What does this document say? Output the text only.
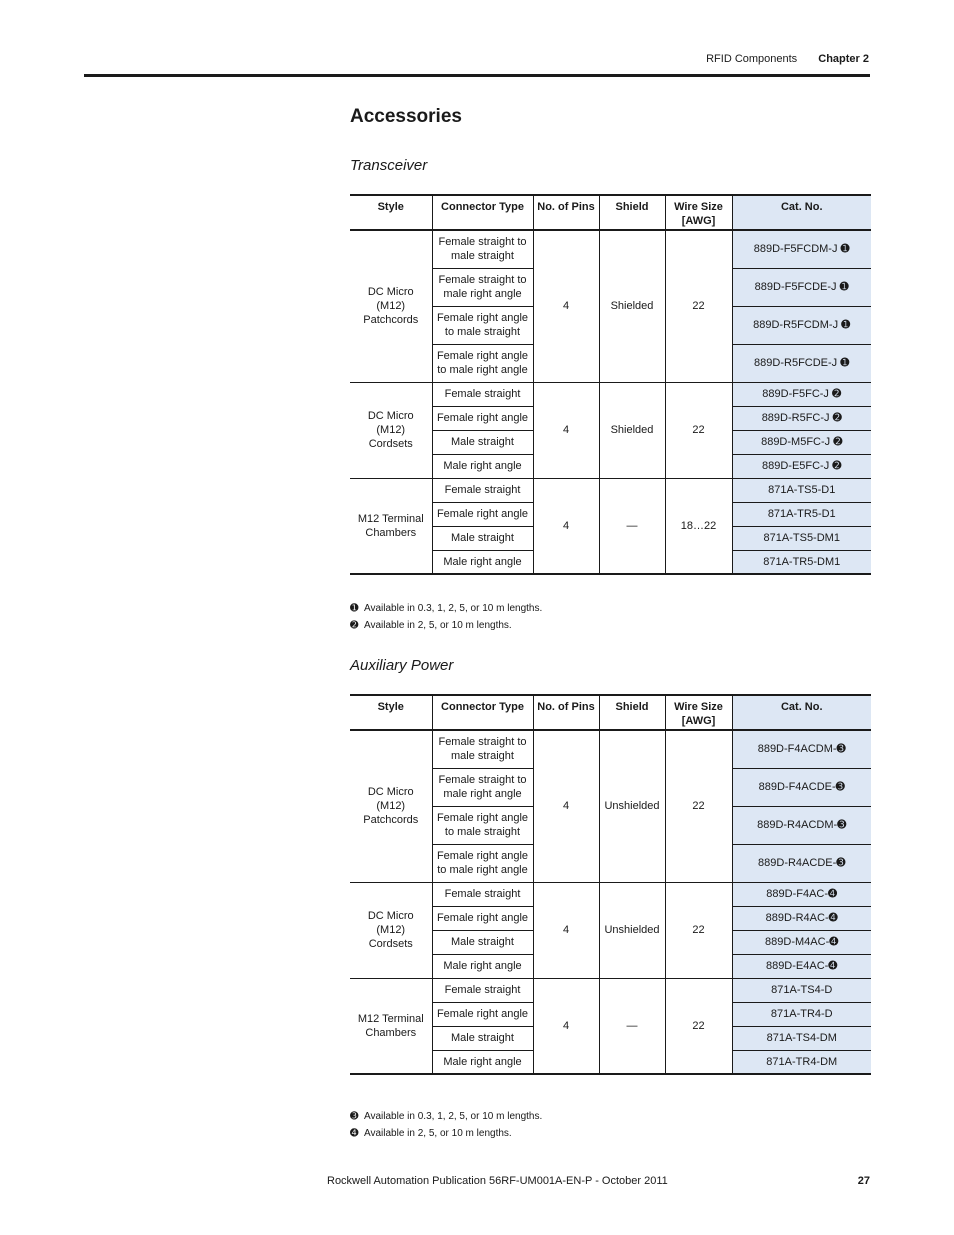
RFID Components Chapter 2
Accessories
Transceiver
Style	Connector Type	No. of Pins	Shield	Wire Size [AWG]	Cat. No.
DC Micro (M12) Patchcords	Female straight to male straight	4	Shielded	22	889D-F5FCDM-J ➊
	Female straight to male right angle				889D-F5FCDE-J ➊
	Female right angle to male straight				889D-R5FCDM-J ➊
	Female right angle to male right angle				889D-R5FCDE-J ➊
DC Micro (M12) Cordsets	Female straight	4	Shielded	22	889D-F5FC-J ➋
	Female right angle				889D-R5FC-J ➋
	Male straight				889D-M5FC-J ➋
	Male right angle				889D-E5FC-J ➋
M12 Terminal Chambers	Female straight	4	—	18…22	871A-TS5-D1
	Female right angle				871A-TR5-D1
	Male straight				871A-TS5-DM1
	Male right angle				871A-TR5-DM1
➊ Available in 0.3, 1, 2, 5, or 10 m lengths.
➋ Available in 2, 5, or 10 m lengths.
Auxiliary Power
Style	Connector Type	No. of Pins	Shield	Wire Size [AWG]	Cat. No.
DC Micro (M12) Patchcords	Female straight to male straight	4	Unshielded	22	889D-F4ACDM-➌
	Female straight to male right angle				889D-F4ACDE-➌
	Female right angle to male straight				889D-R4ACDM-➌
	Female right angle to male right angle				889D-R4ACDE-➌
DC Micro (M12) Cordsets	Female straight	4	Unshielded	22	889D-F4AC-➍
	Female right angle				889D-R4AC-➍
	Male straight				889D-M4AC-➍
	Male right angle				889D-E4AC-➍
M12 Terminal Chambers	Female straight	4	—	22	871A-TS4-D
	Female right angle				871A-TR4-D
	Male straight				871A-TS4-DM
	Male right angle				871A-TR4-DM
➌ Available in 0.3, 1, 2, 5, or 10 m lengths.
➍ Available in 2, 5, or 10 m lengths.
Rockwell Automation Publication 56RF-UM001A-EN-P - October 2011	27
